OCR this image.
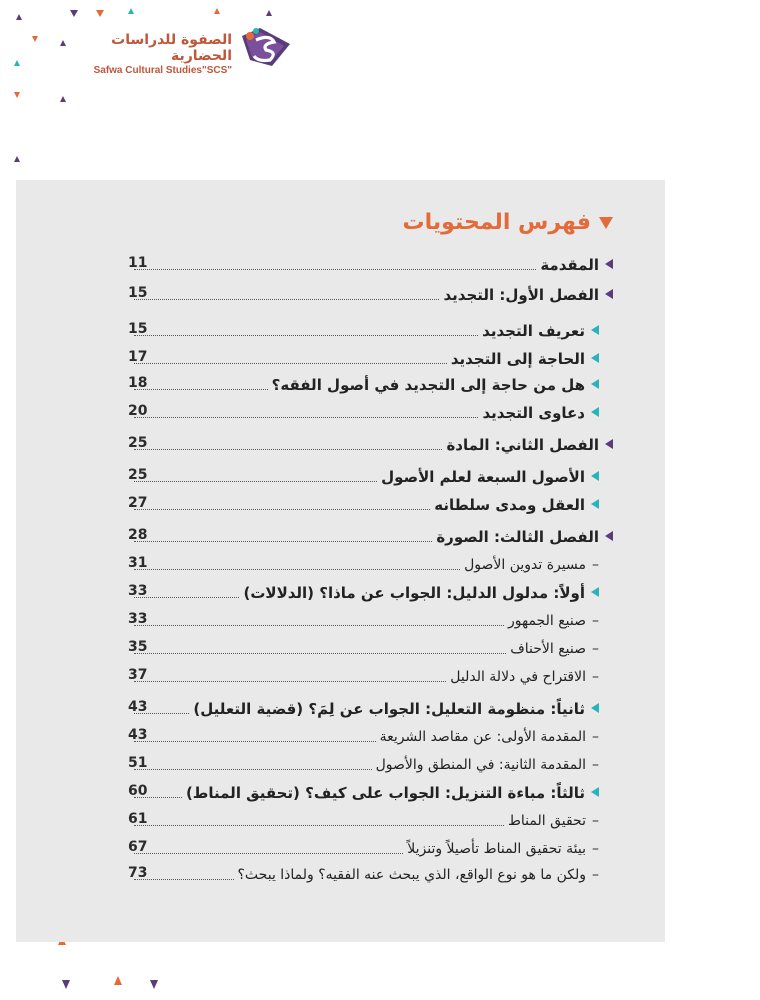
الصفوة للدراسات الحضارية
Safwa Cultural Studies"SCS"
فهرس المحتويات
المقدمة
11
الفصل الأول: التجديد
15
تعريف التجديد
15
الحاجة إلى التجديد
17
هل من حاجة إلى التجديد في أصول الفقه؟
18
دعاوى التجديد
20
الفصل الثاني: المادة
25
الأصول السبعة لعلم الأصول
25
العقل ومدى سلطانه
27
الفصل الثالث: الصورة
28
–
مسيرة تدوين الأصول
31
أولاً: مدلول الدليل: الجواب عن ماذا؟ (الدلالات)
33
–
صنيع الجمهور
33
–
صنيع الأحناف
35
–
الاقتراح في دلالة الدليل
37
ثانياً: منظومة التعليل: الجواب عن لِمَ؟ (قضية التعليل)
43
–
المقدمة الأولى: عن مقاصد الشريعة
43
–
المقدمة الثانية: في المنطق والأصول
51
ثالثاً: مباءة التنزيل: الجواب على كيف؟ (تحقيق المناط)
60
–
تحقيق المناط
61
–
بيئة تحقيق المناط تأصيلاً وتنزيلاً
67
–
ولكن ما هو نوع الواقع، الذي يبحث عنه الفقيه؟ ولماذا يبحث؟
73
